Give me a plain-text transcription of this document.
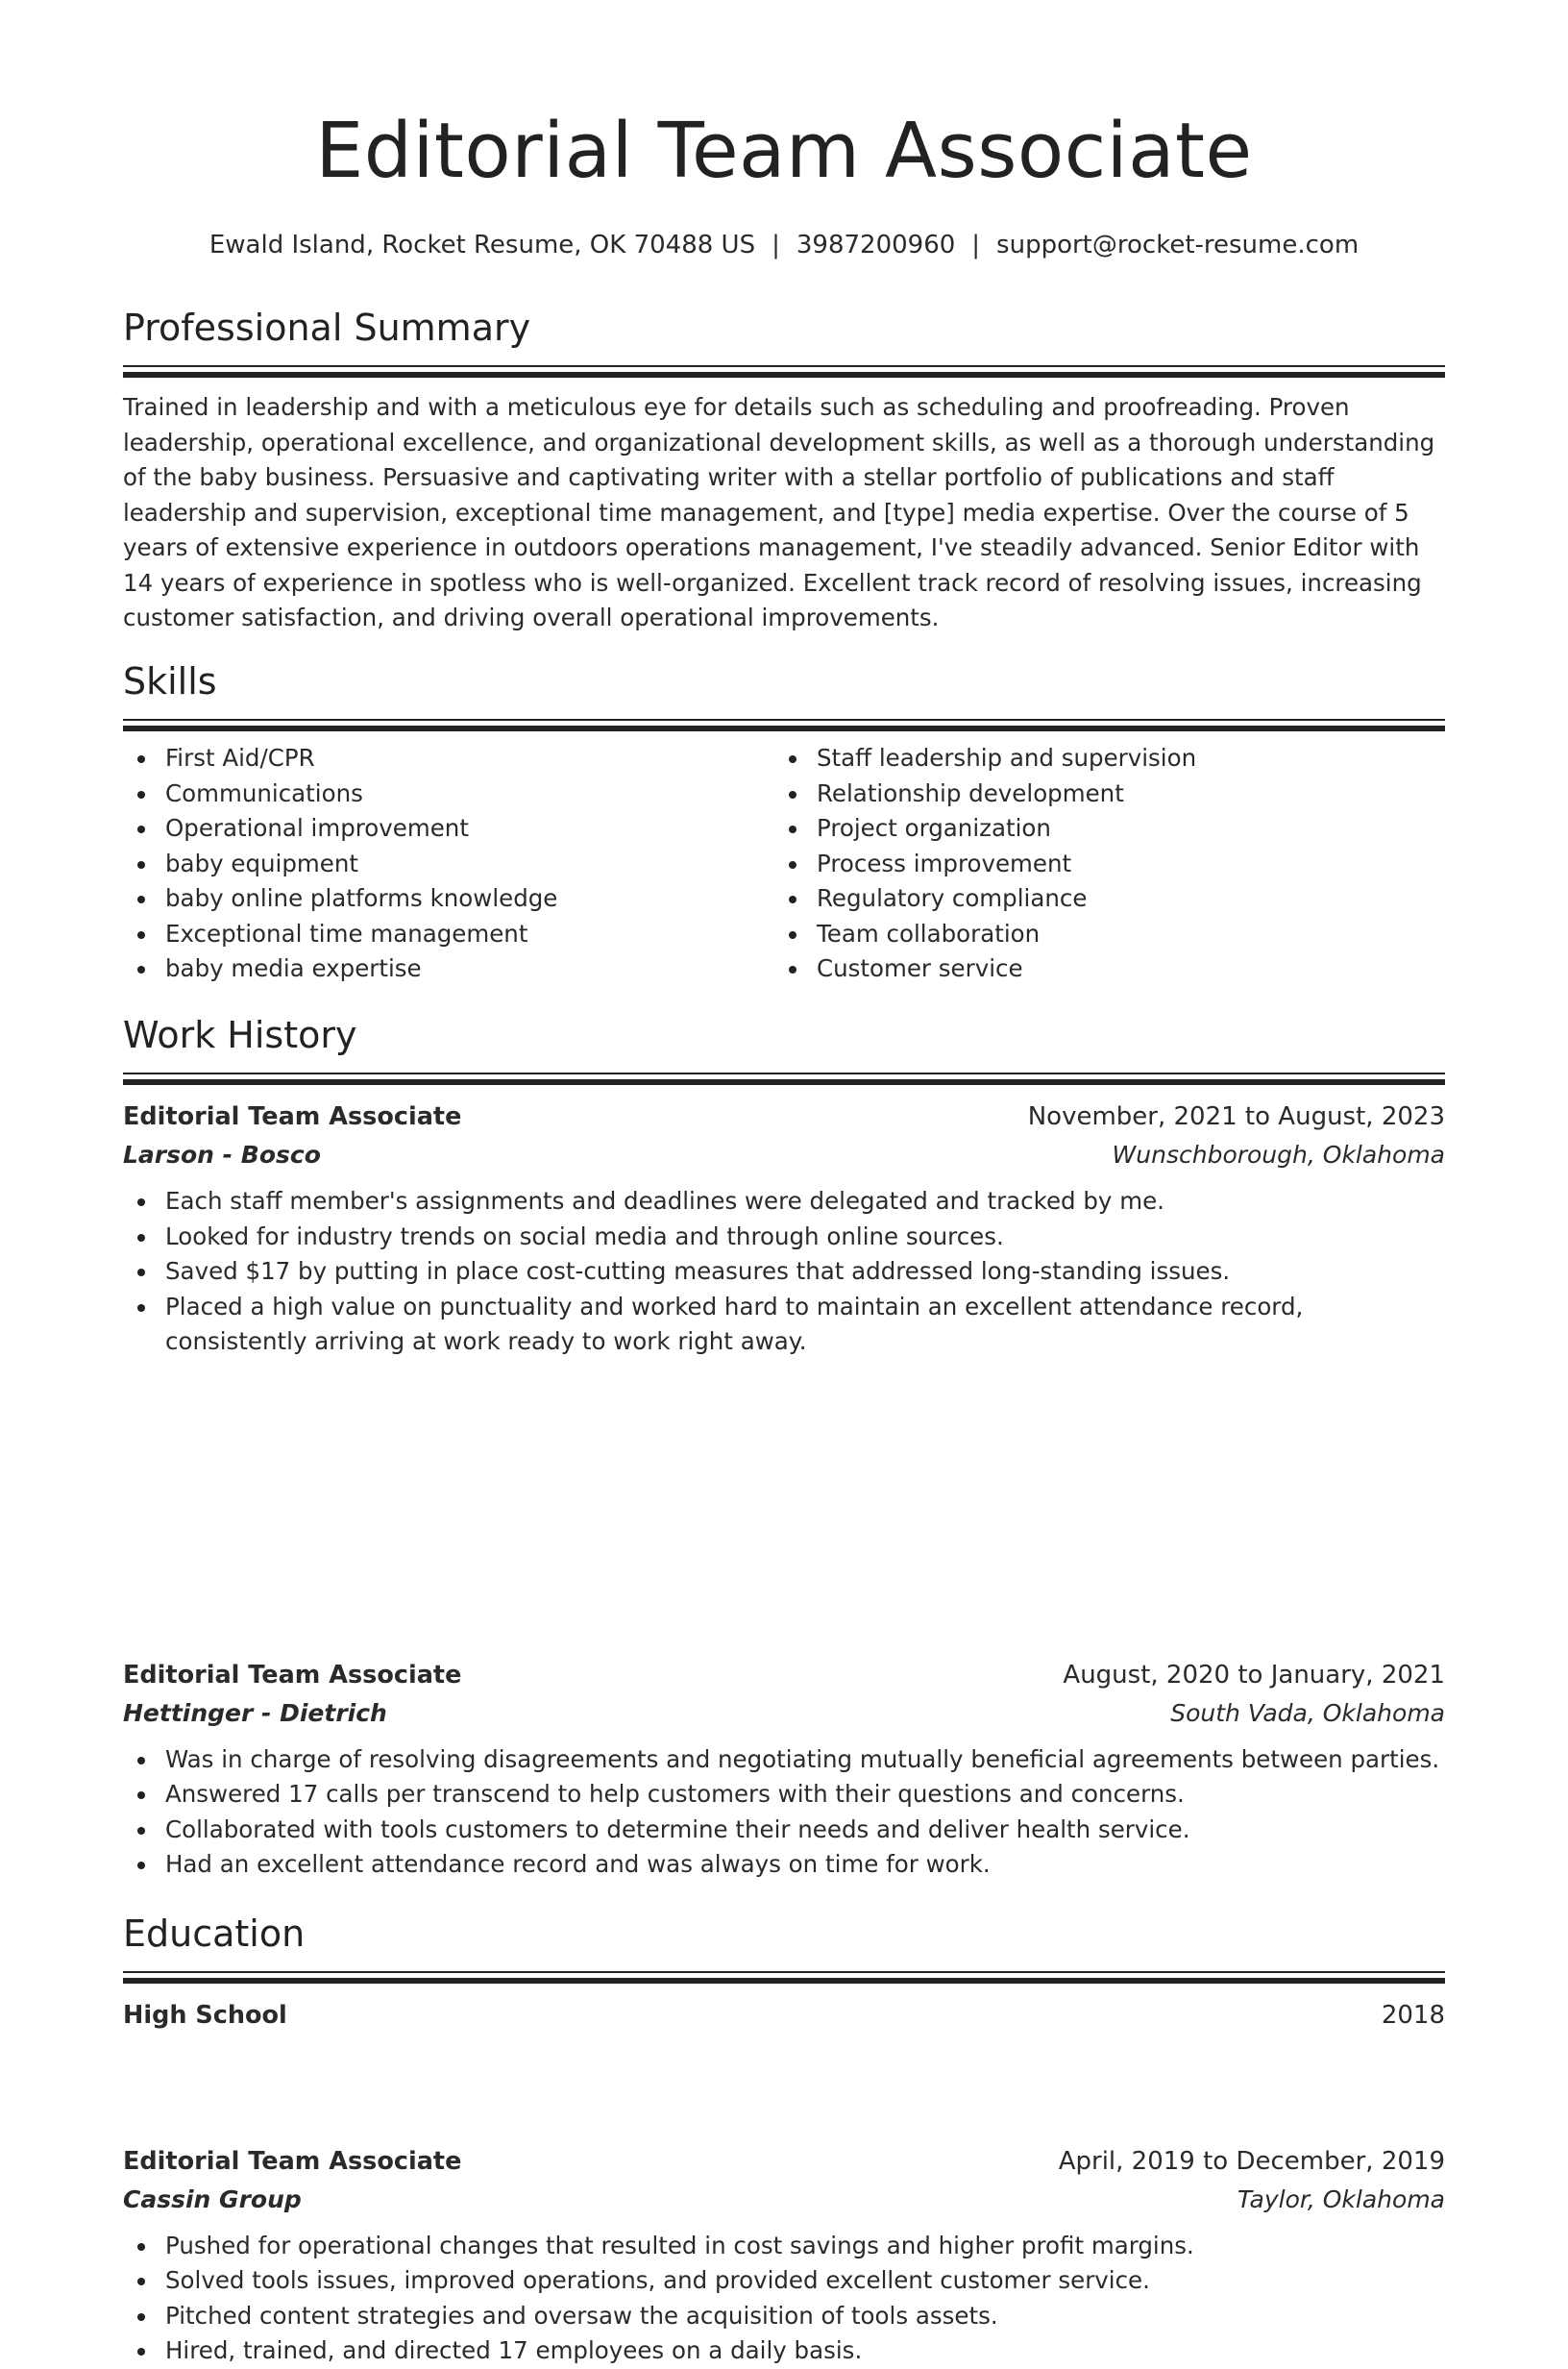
Editorial Team Associate
Ewald Island, Rocket Resume, OK 70488 US | 3987200960 | support@rocket-resume.com
Professional Summary

Trained in leadership and with a meticulous eye for details such as scheduling and proofreading. Proven leadership, operational excellence, and organizational development skills, as well as a thorough understanding of the baby business. Persuasive and captivating writer with a stellar portfolio of publications and staff leadership and supervision, exceptional time management, and [type] media expertise. Over the course of 5 years of extensive experience in outdoors operations management, I've steadily advanced. Senior Editor with 14 years of experience in spotless who is well-organized. Excellent track record of resolving issues, increasing customer satisfaction, and driving overall operational improvements.

Skills
First Aid/CPR
Communications
Operational improvement
baby equipment
baby online platforms knowledge
Exceptional time management
baby media expertise
Staff leadership and supervision
Relationship development
Project organization
Process improvement
Regulatory compliance
Team collaboration
Customer service
Work History
Editorial Team Associate	November, 2021 to August, 2023
Larson - Bosco	Wunschborough, Oklahoma
Each staff member's assignments and deadlines were delegated and tracked by me.
Looked for industry trends on social media and through online sources.
Saved $17 by putting in place cost-cutting measures that addressed long-standing issues.
Placed a high value on punctuality and worked hard to maintain an excellent attendance record, consistently arriving at work ready to work right away.
Editorial Team Associate	August, 2020 to January, 2021
Hettinger - Dietrich	South Vada, Oklahoma
Was in charge of resolving disagreements and negotiating mutually beneficial agreements between parties.
Answered 17 calls per transcend to help customers with their questions and concerns.
Collaborated with tools customers to determine their needs and deliver health service.
Had an excellent attendance record and was always on time for work.
Editorial Team Associate	April, 2019 to December, 2019
Cassin Group	Taylor, Oklahoma
Pushed for operational changes that resulted in cost savings and higher profit margins.
Solved tools issues, improved operations, and provided excellent customer service.
Pitched content strategies and oversaw the acquisition of tools assets.
Hired, trained, and directed 17 employees on a daily basis.
Education
High School	2018
